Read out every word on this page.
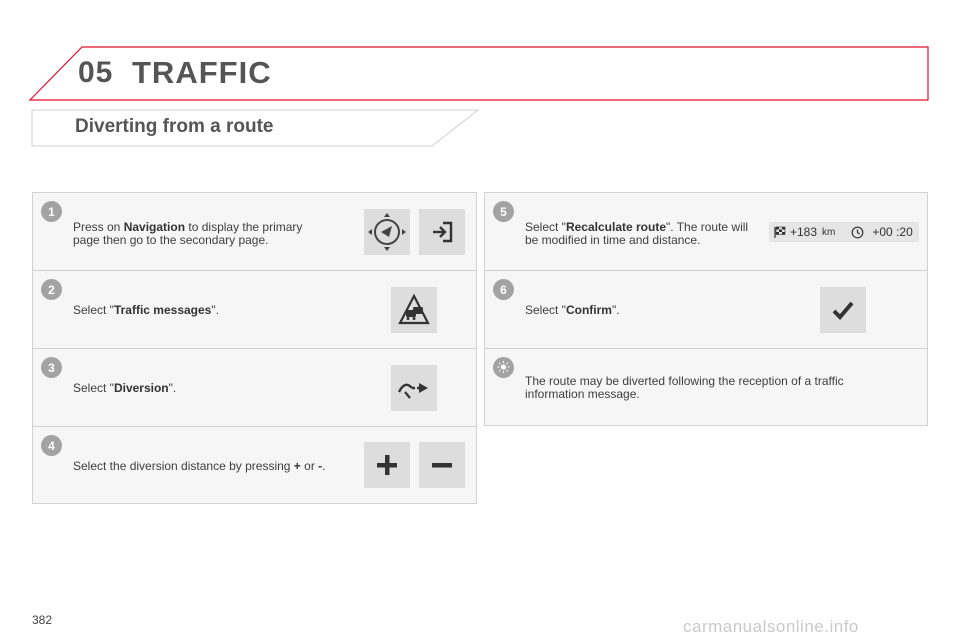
05 TRAFFIC
Diverting from a route
1
Press on Navigation to display the primary page then go to the secondary page.
2
Select "Traffic messages".
3
Select "Diversion".
4
Select the diversion distance by pressing + or -.
5
Select "Recalculate route". The route will be modified in time and distance.
+183 km	+00 :20
6
Select "Confirm".
The route may be diverted following the reception of a traffic information message.
382	carmanualsonline.info
